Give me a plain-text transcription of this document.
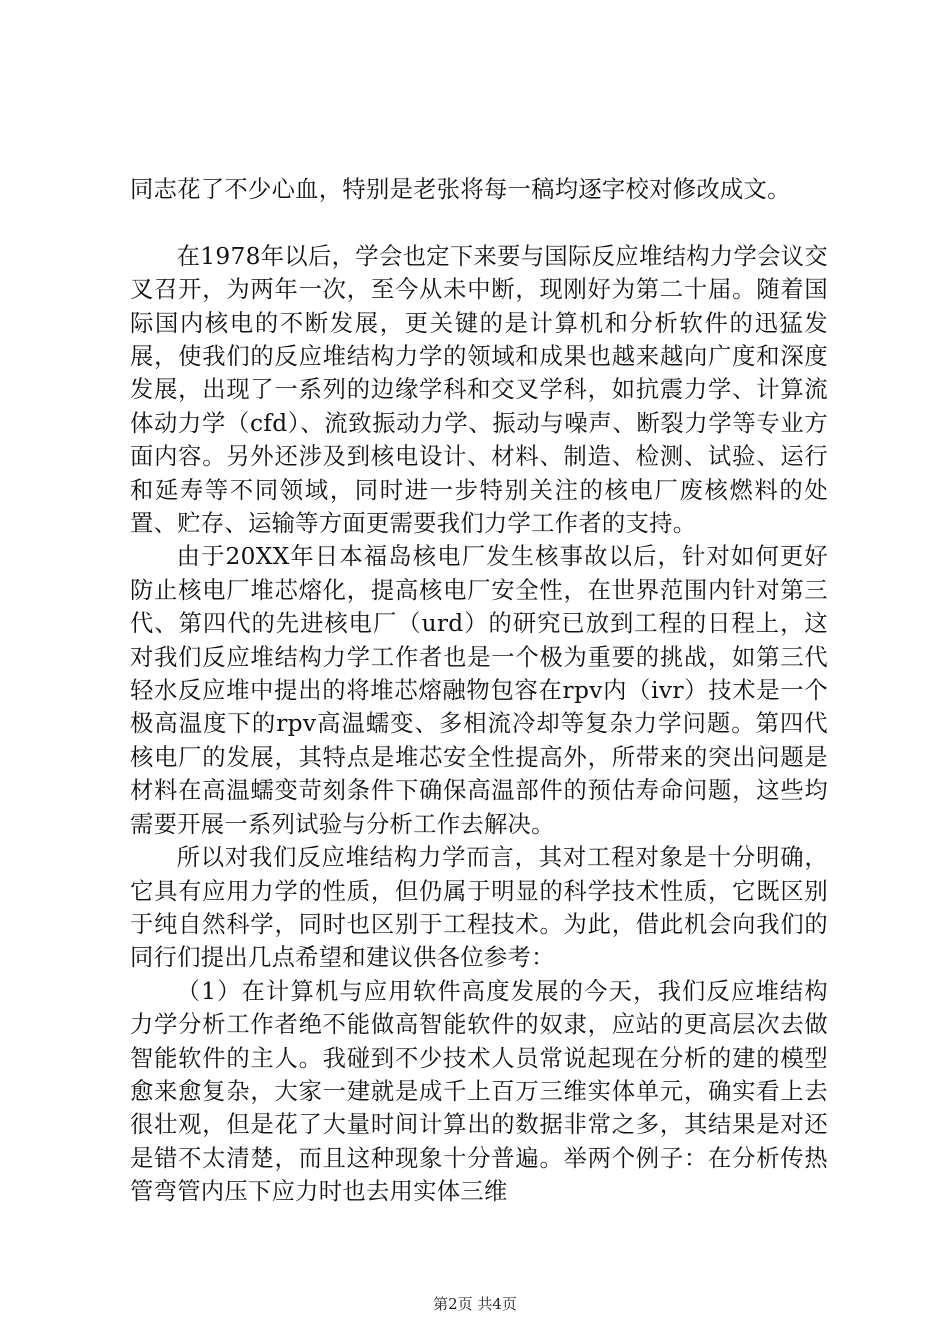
同志花了不少心血，特别是老张将每一稿均逐字校对修改成文。

在1978年以后，学会也定下来要与国际反应堆结构力学会议交叉召开，为两年一次，至今从未中断，现刚好为第二十届。随着国际国内核电的不断发展，更关键的是计算机和分析软件的迅猛发展，使我们的反应堆结构力学的领域和成果也越来越向广度和深度发展，出现了一系列的边缘学科和交叉学科，如抗震力学、计算流体动力学（cfd）、流致振动力学、振动与噪声、断裂力学等专业方面内容。另外还涉及到核电设计、材料、制造、检测、试验、运行和延寿等不同领域，同时进一步特别关注的核电厂废核燃料的处置、贮存、运输等方面更需要我们力学工作者的支持。

由于20XX年日本福岛核电厂发生核事故以后，针对如何更好防止核电厂堆芯熔化，提高核电厂安全性，在世界范围内针对第三代、第四代的先进核电厂（urd）的研究已放到工程的日程上，这对我们反应堆结构力学工作者也是一个极为重要的挑战，如第三代轻水反应堆中提出的将堆芯熔融物包容在rpv内（ivr）技术是一个极高温度下的rpv高温蠕变、多相流冷却等复杂力学问题。第四代核电厂的发展，其特点是堆芯安全性提高外，所带来的突出问题是材料在高温蠕变苛刻条件下确保高温部件的预估寿命问题，这些均需要开展一系列试验与分析工作去解决。

所以对我们反应堆结构力学而言，其对工程对象是十分明确，它具有应用力学的性质，但仍属于明显的科学技术性质，它既区别于纯自然科学，同时也区别于工程技术。为此，借此机会向我们的同行们提出几点希望和建议供各位参考：

（1）在计算机与应用软件高度发展的今天，我们反应堆结构力学分析工作者绝不能做高智能软件的奴隶，应站的更高层次去做智能软件的主人。我碰到不少技术人员常说起现在分析的建的模型愈来愈复杂，大家一建就是成千上百万三维实体单元，确实看上去很壮观，但是花了大量时间计算出的数据非常之多，其结果是对还是错不太清楚，而且这种现象十分普遍。举两个例子：在分析传热管弯管内压下应力时也去用实体三维

第2页 共4页
